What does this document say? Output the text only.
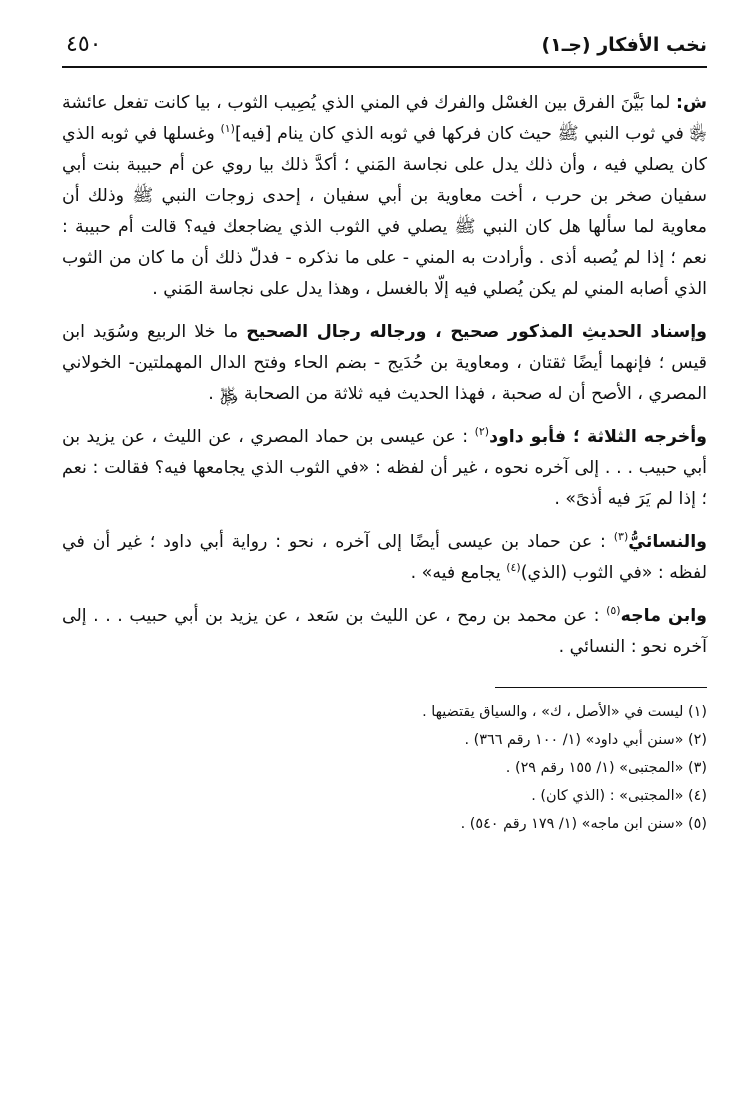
نخب الأفكار (جـ١)
٤٥٠

ش: لما بَيَّنَ الفرق بين الغسْل والفرك في المني الذي يُصِيب الثوب ، بيا كانت تفعل عائشة ﵂ في ثوب النبي ﷺ حيث كان فركها في ثوبه الذي كان ينام [فيه]$^{(١)}$ وغسلها في ثوبه الذي كان يصلي فيه ، وأن ذلك يدل على نجاسة المَني ؛ أكدَّ ذلك بيا روي عن أم حبيبة بنت أبي سفيان صخر بن حرب ، أخت معاوية بن أبي سفيان ، إحدى زوجات النبي ﷺ وذلك أن معاوية لما سألها هل كان النبي ﷺ يصلي في الثوب الذي يضاجعك فيه؟ قالت أم حبيبة : نعم ؛ إذا لم يُصبه أذى . وأرادت به المني - على ما نذكره - فدلّ ذلك أن ما كان من الثوب الذي أصابه المني لم يكن يُصلي فيه إلّا بالغسل ، وهذا يدل على نجاسة المَني .

وإسناد الحديثِ المذكور صحيح ، ورجاله رجال الصحيح ما خلا الربيع وسُوَيد ابن قيس ؛ فإنهما أيضًا ثقتان ، ومعاوية بن حُدَيج - بضم الحاء وفتح الدال المهملتين- الخولاني المصري ، الأصح أن له صحبة ، فهذا الحديث فيه ثلاثة من الصحابة ﷿ .

وأخرجه الثلاثة ؛ فأبو داود$^{(٢)}$ : عن عيسى بن حماد المصري ، عن الليث ، عن يزيد بن أبي حبيب . . . إلى آخره نحوه ، غير أن لفظه : «في الثوب الذي يجامعها فيه؟ فقالت : نعم ؛ إذا لم يَرَ فيه أذىً» .

والنسائيُّ$^{(٣)}$ : عن حماد بن عيسى أيضًا إلى آخره ، نحو : رواية أبي داود ؛ غير أن في لفظه : «في الثوب (الذي)$^{(٤)}$ يجامع فيه» .

وابن ماجه$^{(٥)}$ : عن محمد بن رمح ، عن الليث بن سَعد ، عن يزيد بن أبي حبيب . . . إلى آخره نحو : النسائي .

(١) ليست في «الأصل ، ك» ، والسياق يقتضيها .
(٢) «سنن أبي داود» (١/ ١٠٠ رقم ٣٦٦) .
(٣) «المجتبى» (١/ ١٥٥ رقم ٢٩) .
(٤) «المجتبى» : (الذي كان) .
(٥) «سنن ابن ماجه» (١/ ١٧٩ رقم ٥٤٠) .
